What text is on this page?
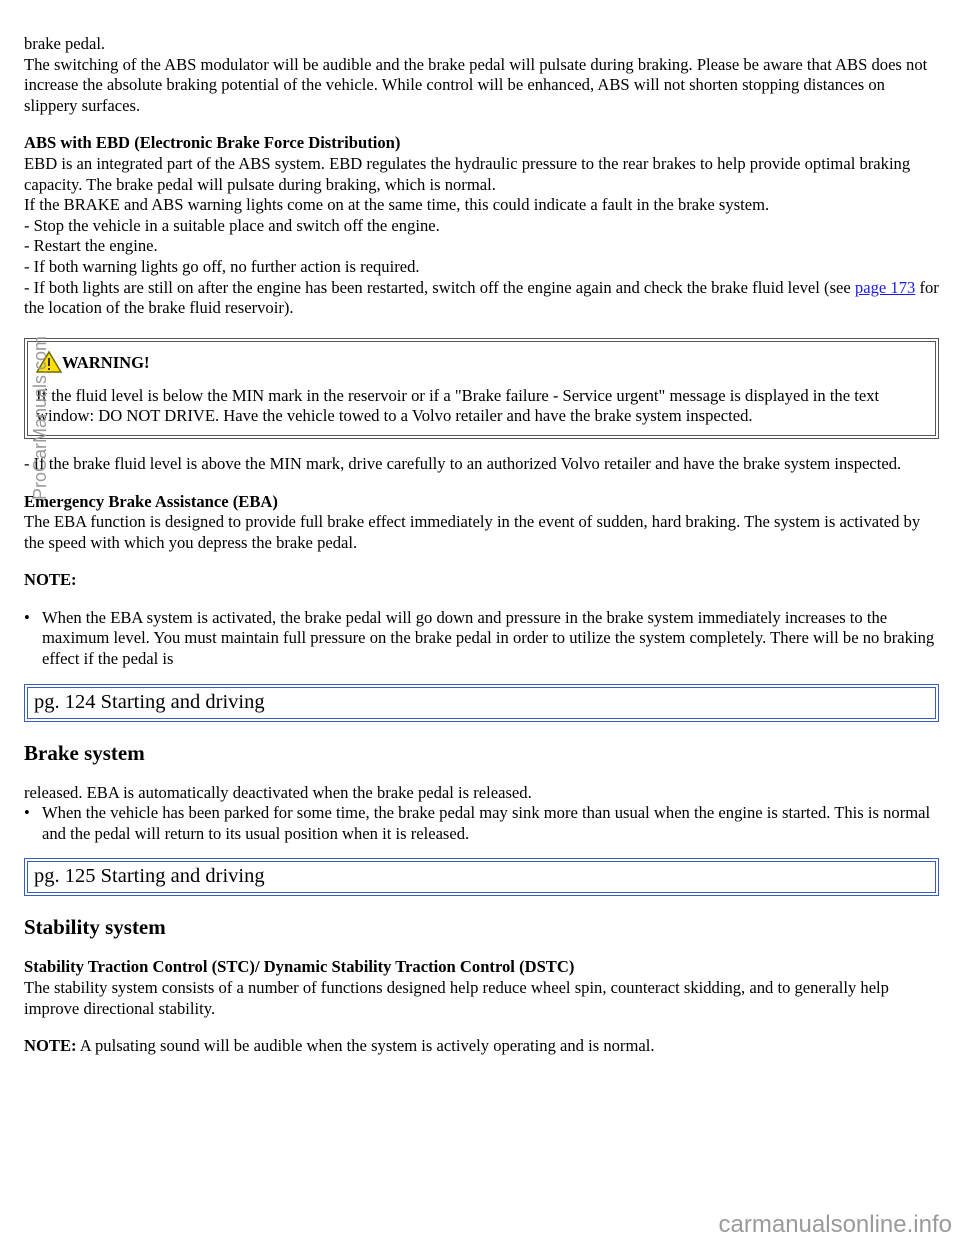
brake pedal.

The switching of the ABS modulator will be audible and the brake pedal will pulsate during braking. Please be aware that ABS does not increase the absolute braking potential of the vehicle. While control will be enhanced, ABS will not shorten stopping distances on slippery surfaces.

ABS with EBD (Electronic Brake Force Distribution)

EBD is an integrated part of the ABS system. EBD regulates the hydraulic pressure to the rear brakes to help provide optimal braking capacity. The brake pedal will pulsate during braking, which is normal.

If the BRAKE and ABS warning lights come on at the same time, this could indicate a fault in the brake system.

- Stop the vehicle in a suitable place and switch off the engine.

- Restart the engine.

- If both warning lights go off, no further action is required.

- If both lights are still on after the engine has been restarted, switch off the engine again and check the brake fluid level (see page 173 for the location of the brake fluid reservoir).

WARNING!

If the fluid level is below the MIN mark in the reservoir or if a "Brake failure - Service urgent" message is displayed in the text window: DO NOT DRIVE. Have the vehicle towed to a Volvo retailer and have the brake system inspected.

- If the brake fluid level is above the MIN mark, drive carefully to an authorized Volvo retailer and have the brake system inspected.

Emergency Brake Assistance (EBA)

The EBA function is designed to provide full brake effect immediately in the event of sudden, hard braking. The system is activated by the speed with which you depress the brake pedal.

NOTE:

• When the EBA system is activated, the brake pedal will go down and pressure in the brake system immediately increases to the maximum level. You must maintain full pressure on the brake pedal in order to utilize the system completely. There will be no braking effect if the pedal is
pg. 124 Starting and driving
Brake system

released. EBA is automatically deactivated when the brake pedal is released.

• When the vehicle has been parked for some time, the brake pedal may sink more than usual when the engine is started. This is normal and the pedal will return to its usual position when it is released.
pg. 125 Starting and driving
Stability system

Stability Traction Control (STC)/ Dynamic Stability Traction Control (DSTC)

The stability system consists of a number of functions designed help reduce wheel spin, counteract skidding, and to generally help improve directional stability.

NOTE: A pulsating sound will be audible when the system is actively operating and is normal.

ProCarManuals.com
carmanualsonline.info
